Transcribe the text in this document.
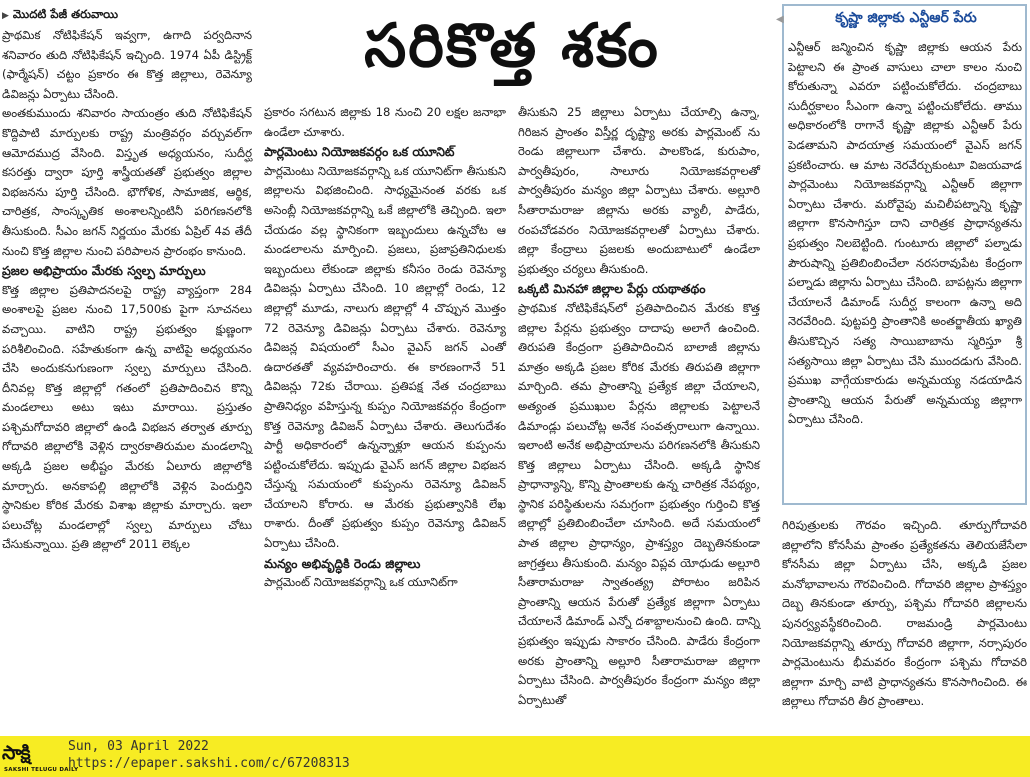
సరికొత్త శకం
▶ మొదటి పేజీ తరువాయి

ప్రాథమిక నోటిఫికేషన్ ఇవ్వగా, ఉగాది పర్వదినాన శనివారం తుది నోటిఫికేషన్ ఇచ్చింది. 1974 ఏపీ డిస్ట్రిక్ట్ (ఫార్మేషన్) చట్టం ప్రకారం ఈ కొత్త జిల్లాలు, రెవెన్యూ డివిజన్లు ఏర్పాటు చేసింది.

అంతకుముందు శనివారం సాయంత్రం తుది నోటిఫికేషన్ కొద్దిపాటి మార్పులకు రాష్ట్ర మంత్రివర్గం వర్చువల్‌గా ఆమోదముద్ర వేసింది. విస్తృత అధ్యయనం, సుదీర్ఘ కసరత్తు ద్వారా పూర్తి శాస్త్రీయతతో ప్రభుత్వం జిల్లాల విభజనను పూర్తి చేసింది. భౌగోళిక, సామాజిక, ఆర్థిక, చారిత్రక, సాంస్కృతిక అంశాలన్నింటినీ పరిగణనలోకి తీసుకుంది. సీఎం జగన్ నిర్ణయం మేరకు ఏప్రిల్ 4వ తేదీ నుంచి కొత్త జిల్లాల నుంచి పరిపాలన ప్రారంభం కానుంది.

ప్రజల అభిప్రాయం మేరకు స్వల్ప మార్పులు

కొత్త జిల్లాల ప్రతిపాదనలపై రాష్ట్ర వ్యాప్తంగా 284 అంశాలపై ప్రజల నుంచి 17,500కు పైగా సూచనలు వచ్చాయి. వాటిని రాష్ట్ర ప్రభుత్వం క్షుణ్ణంగా పరిశీలించింది. సహేతుకంగా ఉన్న వాటిపై అధ్యయనం చేసి అందుకనుగుణంగా స్వల్ప మార్పులు చేసింది. దీనివల్ల కొత్త జిల్లాల్లో గతంలో ప్రతిపాదించిన కొన్ని మండలాలు అటు ఇటు మారాయి. ప్రస్తుతం పశ్చిమగోదావరి జిల్లాలో ఉండి విభజన తర్వాత తూర్పు గోదావరి జిల్లాలోకి వెళ్లిన ద్వారకాతిరుమల మండలాన్ని అక్కడి ప్రజల అభీష్టం మేరకు ఏలూరు జిల్లాలోకి మార్చారు. అనకాపల్లి జిల్లాలోకి వెళ్లిన పెందుర్తిని స్థానికుల కోరిక మేరకు విశాఖ జిల్లాకు మార్చారు. ఇలా పలుచోట్ల మండలాల్లో స్వల్ప మార్పులు చోటు చేసుకున్నాయి. ప్రతి జిల్లాలో 2011 లెక్కల

ప్రకారం సగటున జిల్లాకు 18 నుంచి 20 లక్షల జనాభా ఉండేలా చూశారు.

పార్లమెంటు నియోజకవర్గం ఒక యూనిట్

పార్లమెంటు నియోజకవర్గాన్ని ఒక యూనిట్‌గా తీసుకుని జిల్లాలను విభజించింది. సాధ్యమైనంత వరకు ఒక అసెంబ్లీ నియోజకవర్గాన్ని ఒకే జిల్లాలోకి తెచ్చింది. ఇలా చేయడం వల్ల స్థానికంగా ఇబ్బందులు ఉన్నచోట ఆ మండలాలను మార్పించి. ప్రజలు, ప్రజాప్రతినిధులకు ఇబ్బందులు లేకుండా జిల్లాకు కనీసం రెండు రెవెన్యూ డివిజన్లు ఏర్పాటు చేసింది. 10 జిల్లాల్లో రెండు, 12 జిల్లాల్లో మూడు, నాలుగు జిల్లాల్లో 4 చొప్పున మొత్తం 72 రెవెన్యూ డివిజన్లు ఏర్పాటు చేశారు. రెవెన్యూ డివిజన్ల విషయంలో సీఎం వైఎస్ జగన్ ఎంతో ఉదారతతో వ్యవహరించారు. ఈ కారణంగానే 51 డివిజన్లు 72కు చేరాయి. ప్రతిపక్ష నేత చంద్రబాబు ప్రాతినిధ్యం వహిస్తున్న కుప్పం నియోజకవర్గం కేంద్రంగా కొత్త రెవెన్యూ డివిజన్ ఏర్పాటు చేశారు. తెలుగుదేశం పార్టీ అధికారంలో ఉన్నన్నాళ్లూ ఆయన కుప్పంను పట్టించుకోలేదు. ఇప్పుడు వైఎస్ జగన్ జిల్లాల విభజన చేస్తున్న సమయంలో కుప్పంను రెవెన్యూ డివిజన్ చేయాలని కోరారు. ఆ మేరకు ప్రభుత్వానికి లేఖ రాశారు. దీంతో ప్రభుత్వం కుప్పం రెవెన్యూ డివిజన్ ఏర్పాటు చేసింది.

మన్యం అభివృద్ధికి రెండు జిల్లాలు

పార్లమెంట్ నియోజకవర్గాన్ని ఒక యూనిట్‌గా

తీసుకుని 25 జిల్లాలు ఏర్పాటు చేయాల్సి ఉన్నా, గిరిజన ప్రాంతం విస్తీర్ణ దృష్ట్యా అరకు పార్లమెంట్ ను రెండు జిల్లాలుగా చేశారు. పాలకొండ, కురుపాం, పార్వతీపురం, సాలూరు నియోజకవర్గాలతో పార్వతీపురం మన్యం జిల్లా ఏర్పాటు చేశారు. అల్లూరి సీతారామరాజు జిల్లాను అరకు వ్యాలీ, పాడేరు, రంపచోడవరం నియోజకవర్గాలతో ఏర్పాటు చేశారు. జిల్లా కేంద్రాలు ప్రజలకు అందుబాటులో ఉండేలా ప్రభుత్వం చర్యలు తీసుకుంది.

ఒక్కటి మినహా జిల్లాల పేర్లు యథాతథం

ప్రాథమిక నోటిఫికేషన్‌లో ప్రతిపాదించిన మేరకు కొత్త జిల్లాల పేర్లను ప్రభుత్వం దాదాపు అలాగే ఉంచింది. తిరుపతి కేంద్రంగా ప్రతిపాదించిన బాలాజీ జిల్లాను మాత్రం అక్కడి ప్రజల కోరిక మేరకు తిరుపతి జిల్లాగా మార్చింది. తమ ప్రాంతాన్ని ప్రత్యేక జిల్లా చేయాలని, అత్యంత ప్రముఖుల పేర్లను జిల్లాలకు పెట్టాలనే డిమాండ్లు పలుచోట్ల అనేక సంవత్సరాలుగా ఉన్నాయి. ఇలాంటి అనేక అభిప్రాయాలను పరిగణనలోకి తీసుకుని కొత్త జిల్లాలు ఏర్పాటు చేసింది. అక్కడి స్థానిక ప్రాధాన్యాన్ని, కొన్ని ప్రాంతాలకు ఉన్న చారిత్రక నేపథ్యం, స్థానిక పరిస్థితులను సమగ్రంగా ప్రభుత్వం గుర్తించి కొత్త జిల్లాల్లో ప్రతిబింబించేలా చూసింది. అదే సమయంలో పాత జిల్లాల ప్రాధాన్యం, ప్రాశస్త్యం దెబ్బతినకుండా జాగ్రత్తలు తీసుకుంది. మన్యం విప్లవ యోధుడు అల్లూరి సీతారామరాజు స్వాతంత్య్ర పోరాటం జరిపిన ప్రాంతాన్ని ఆయన పేరుతో ప్రత్యేక జిల్లాగా ఏర్పాటు చేయాలనే డిమాండ్ ఎన్నో దశాబ్దాలనుంచి ఉంది. దాన్ని ప్రభుత్వం ఇప్పుడు సాకారం చేసింది. పాడేరు కేంద్రంగా అరకు ప్రాంతాన్ని అల్లూరి సీతారామరాజు జిల్లాగా ఏర్పాటు చేసింది. పార్వతీపురం కేంద్రంగా మన్యం జిల్లా ఏర్పాటుతో

◀	కృష్ణా జిల్లాకు ఎన్టీఆర్ పేరు

ఎన్టీఆర్ జన్మించిన కృష్ణా జిల్లాకు ఆయన పేరు పెట్టాలని ఈ ప్రాంత వాసులు చాలా కాలం నుంచి కోరుతున్నా ఎవరూ పట్టించుకోలేదు. చంద్రబాబు సుదీర్ఘకాలం సీఎంగా ఉన్నా పట్టించుకోలేదు. తాము అధికారంలోకి రాగానే కృష్ణా జిల్లాకు ఎన్టీఆర్ పేరు పెడతామని పాదయాత్ర సమయంలో వైఎస్ జగన్ ప్రకటించారు. ఆ మాట నెరవేర్చుకుంటూ విజయవాడ పార్లమెంటు నియోజకవర్గాన్ని ఎన్టీఆర్ జిల్లాగా ఏర్పాటు చేశారు. మరోవైపు మచిలీపట్నాన్ని కృష్ణా జిల్లాగా కొనసాగిస్తూ దాని చారిత్రక ప్రాధాన్యతను ప్రభుత్వం నిలబెట్టింది. గుంటూరు జిల్లాలో పల్నాడు పౌరుషాన్ని ప్రతిబింబించేలా నరసరావుపేట కేంద్రంగా పల్నాడు జిల్లాను ఏర్పాటు చేసింది. బాపట్లను జిల్లాగా చేయాలనే డిమాండ్ సుదీర్ఘ కాలంగా ఉన్నా అది నెరవేరింది. పుట్టపర్తి ప్రాంతానికి అంతర్జాతీయ ఖ్యాతి తీసుకొచ్చిన సత్య సాయిబాబాను స్మరిస్తూ శ్రీ సత్యసాయి జిల్లా ఏర్పాటు చేసి ముందడుగు వేసింది. ప్రముఖ వాగ్గేయకారుడు అన్నమయ్య నడయాడిన ప్రాంతాన్ని ఆయన పేరుతో అన్నమయ్య జిల్లాగా ఏర్పాటు చేసింది.

గిరిపుత్రులకు గౌరవం ఇచ్చింది. తూర్పుగోదావరి జిల్లాలోని కోనసీమ ప్రాంతం ప్రత్యేకతను తెలియజేసేలా కోనసీమ జిల్లా ఏర్పాటు చేసి, అక్కడి ప్రజల మనోభావాలను గౌరవించింది. గోదావరి జిల్లాల ప్రాశస్త్యం దెబ్బ తినకుండా తూర్పు, పశ్చిమ గోదావరి జిల్లాలను పునర్వ్యవస్థీకరించింది. రాజమండ్రి పార్లమెంటు నియోజకవర్గాన్ని తూర్పు గోదావరి జిల్లాగా, నర్సాపురం పార్లమెంటును భీమవరం కేంద్రంగా పశ్చిమ గోదావరి జిల్లాగా మార్చి వాటి ప్రాధాన్యతను కొనసాగించింది. ఈ జిల్లాలు గోదావరి తీర ప్రాంతాలు.

సాక్షి
SAKSHI TELUGU DAILY
Sun, 03 April 2022
https://epaper.sakshi.com/c/67208313
